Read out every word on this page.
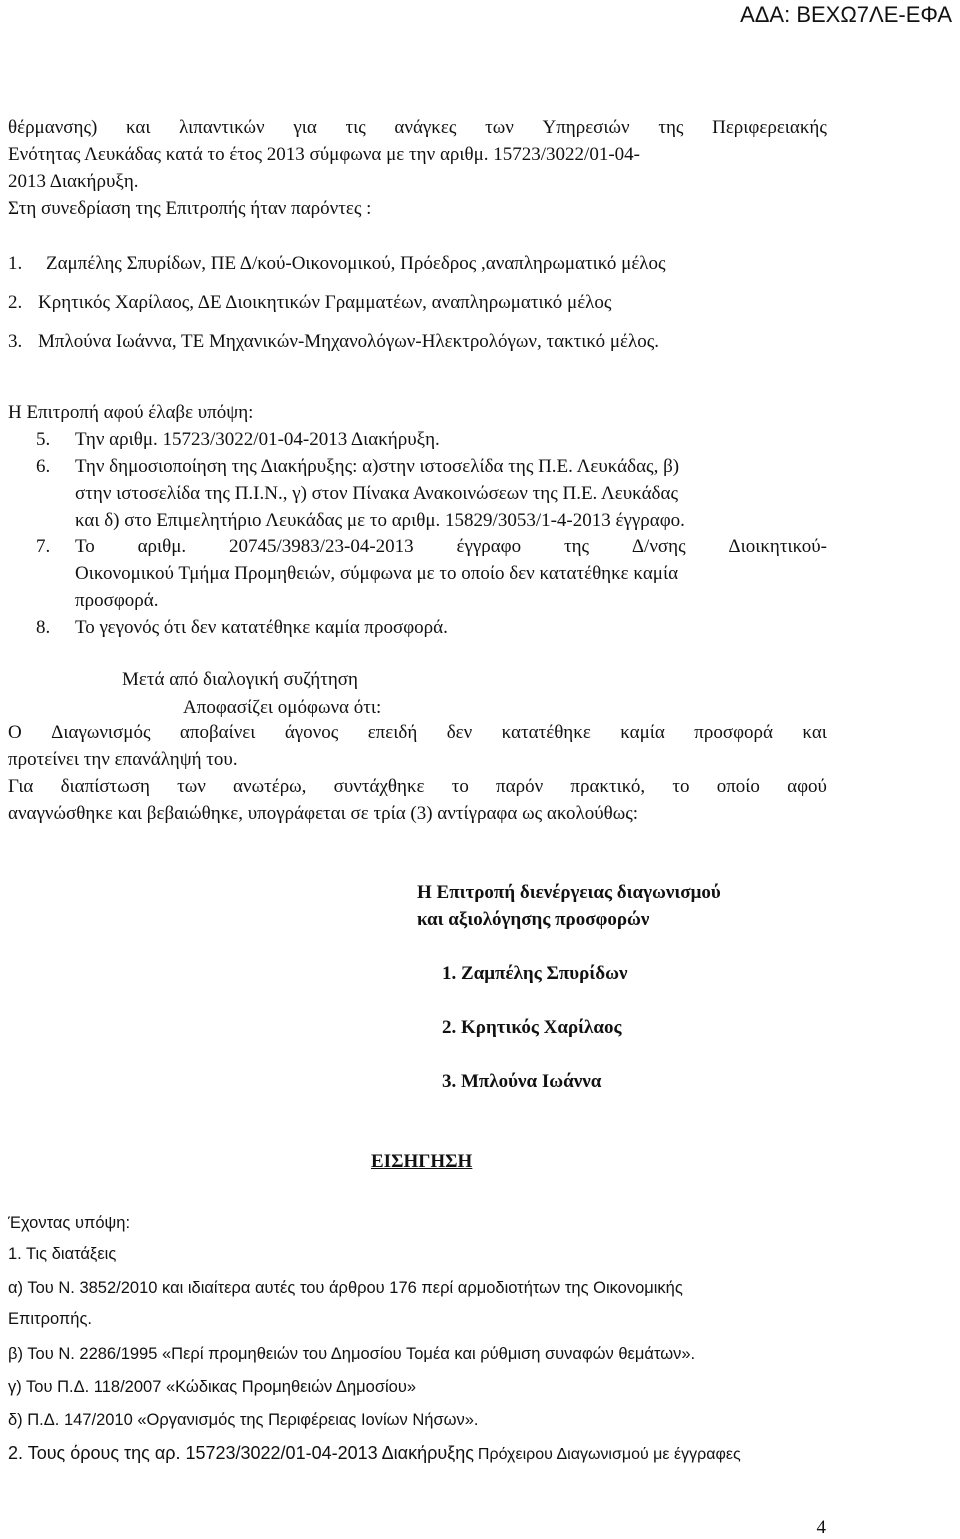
ΑΔΑ: ΒΕΧΩ7ΛΕ-ΕΦΑ
θέρμανσης) και λιπαντικών για τις ανάγκες των Υπηρεσιών της Περιφερειακής
Ενότητας Λευκάδας κατά το έτος 2013 σύμφωνα με την αριθμ. 15723/3022/01-04-
2013 Διακήρυξη.
Στη συνεδρίαση της Επιτροπής ήταν παρόντες :
1. Ζαμπέλης Σπυρίδων, ΠΕ Δ/κού-Οικονομικού, Πρόεδρος ,αναπληρωματικό μέλος
2. Κρητικός Χαρίλαος, ΔΕ Διοικητικών Γραμματέων, αναπληρωματικό μέλος
3. Μπλούνα Ιωάννα, ΤΕ Μηχανικών-Μηχανολόγων-Ηλεκτρολόγων, τακτικό μέλος.
Η Επιτροπή αφού έλαβε υπόψη:
5. Την αριθμ. 15723/3022/01-04-2013 Διακήρυξη.
6. Την δημοσιοποίηση της Διακήρυξης: α)στην ιστοσελίδα της Π.Ε. Λευκάδας, β)
στην ιστοσελίδα της Π.Ι.Ν., γ) στον Πίνακα Ανακοινώσεων της Π.Ε. Λευκάδας
και δ) στο Επιμελητήριο Λευκάδας με το αριθμ. 15829/3053/1-4-2013 έγγραφο.
7. Το αριθμ. 20745/3983/23-04-2013 έγγραφο της Δ/νσης Διοικητικού-
Οικονομικού Τμήμα Προμηθειών, σύμφωνα με το οποίο δεν κατατέθηκε καμία
προσφορά.
8. Το γεγονός ότι δεν κατατέθηκε καμία προσφορά.
Μετά από διαλογική συζήτηση
Αποφασίζει ομόφωνα ότι:
Ο Διαγωνισμός αποβαίνει άγονος επειδή δεν κατατέθηκε καμία προσφορά και
προτείνει την επανάληψή του.
Για διαπίστωση των ανωτέρω, συντάχθηκε το παρόν πρακτικό, το οποίο αφού
αναγνώσθηκε και βεβαιώθηκε, υπογράφεται σε τρία (3) αντίγραφα ως ακολούθως:
Η Επιτροπή διενέργειας διαγωνισμού
και αξιολόγησης προσφορών
1. Ζαμπέλης Σπυρίδων
2. Κρητικός Χαρίλαος
3. Μπλούνα Ιωάννα
ΕΙΣΗΓΗΣΗ
Έχοντας υπόψη:
1. Τις διατάξεις
α) Του Ν. 3852/2010 και ιδιαίτερα αυτές του άρθρου 176 περί αρμοδιοτήτων της Οικονομικής
Επιτροπής.
β) Του Ν. 2286/1995 «Περί προμηθειών του Δημοσίου Τομέα και ρύθμιση συναφών θεμάτων».
γ) Του Π.Δ. 118/2007 «Κώδικας Προμηθειών Δημοσίου»
δ) Π.Δ. 147/2010 «Οργανισμός της Περιφέρειας Ιονίων Νήσων».
2. Τους όρους της αρ. 15723/3022/01-04-2013 Διακήρυξης Πρόχειρου Διαγωνισμού με έγγραφες
4
